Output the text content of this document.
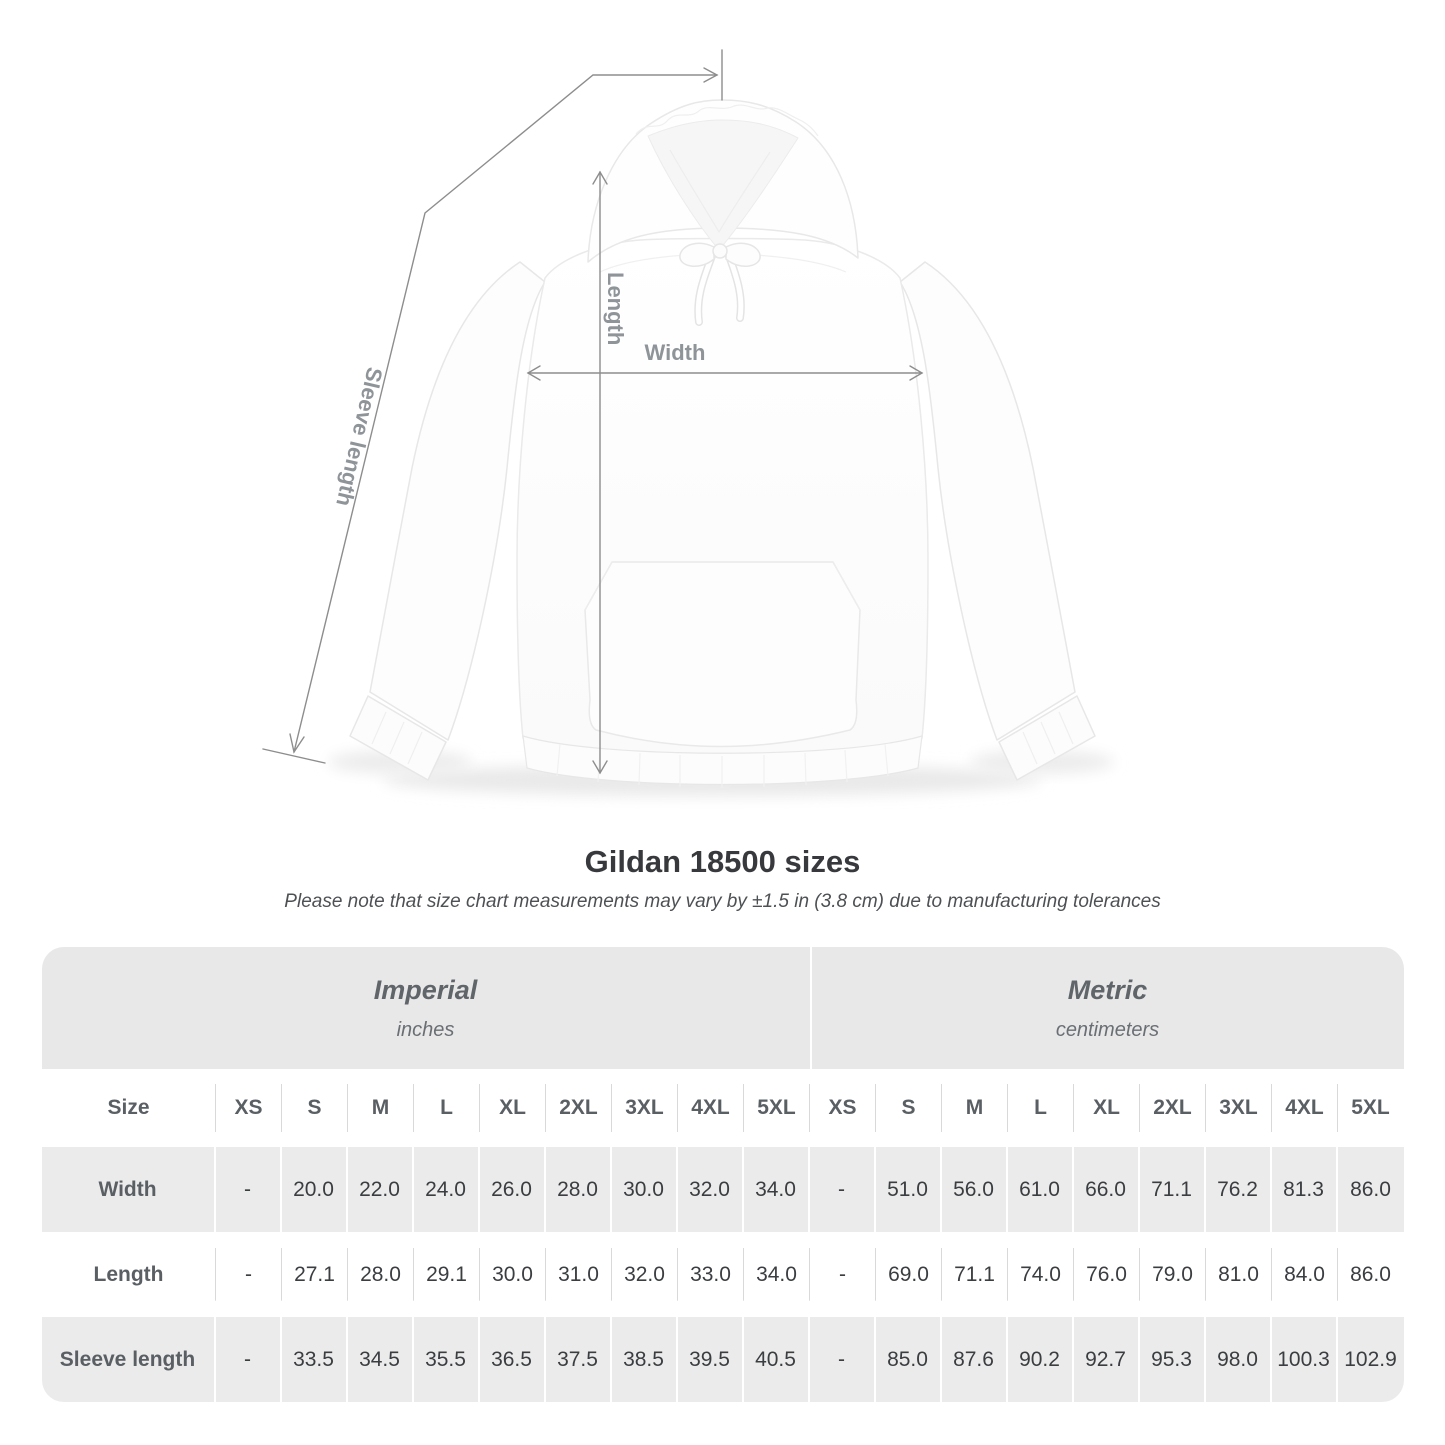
Width
Length
Sleeve length
Gildan 18500 sizes

Please note that size chart measurements may vary by ±1.5 in (3.8 cm) due to manufacturing tolerances

Imperial
inches
Metric
centimeters
Size	XS	S	M	L	XL	2XL	3XL	4XL	5XL	XS	S	M	L	XL	2XL	3XL	4XL	5XL
Width	-	20.0	22.0	24.0	26.0	28.0	30.0	32.0	34.0	-	51.0	56.0	61.0	66.0	71.1	76.2	81.3	86.0
Length	-	27.1	28.0	29.1	30.0	31.0	32.0	33.0	34.0	-	69.0	71.1	74.0	76.0	79.0	81.0	84.0	86.0
Sleeve length	-	33.5	34.5	35.5	36.5	37.5	38.5	39.5	40.5	-	85.0	87.6	90.2	92.7	95.3	98.0 100.3 102.9
